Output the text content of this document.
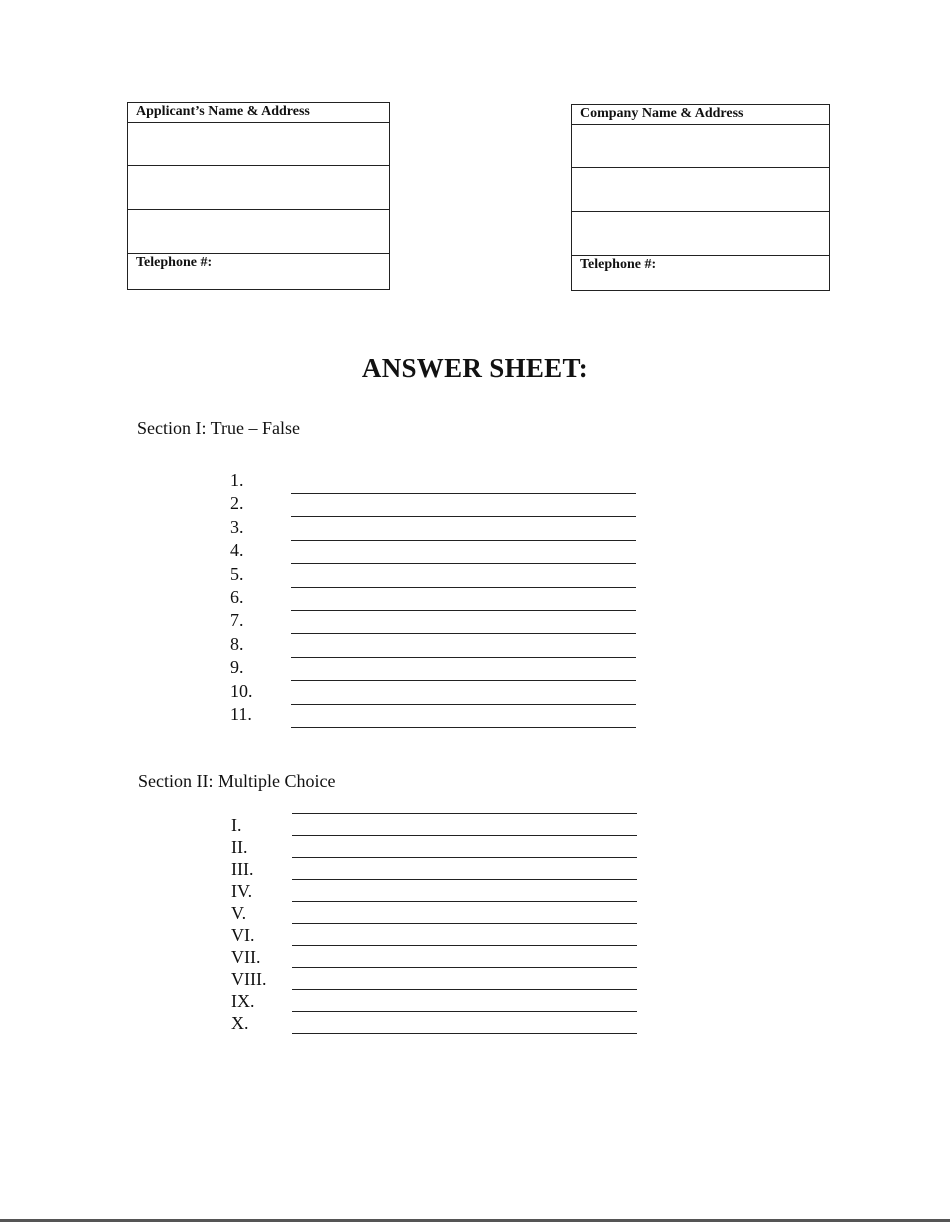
Applicant’s Name & Address
Telephone #:
Company Name & Address
Telephone #:
ANSWER SHEET:
Section I: True – False
1.
2.
3.
4.
5.
6.
7.
8.
9.
10.
11.
Section II: Multiple Choice
I.
II.
III.
IV.
V.
VI.
VII.
VIII.
IX.
X.
